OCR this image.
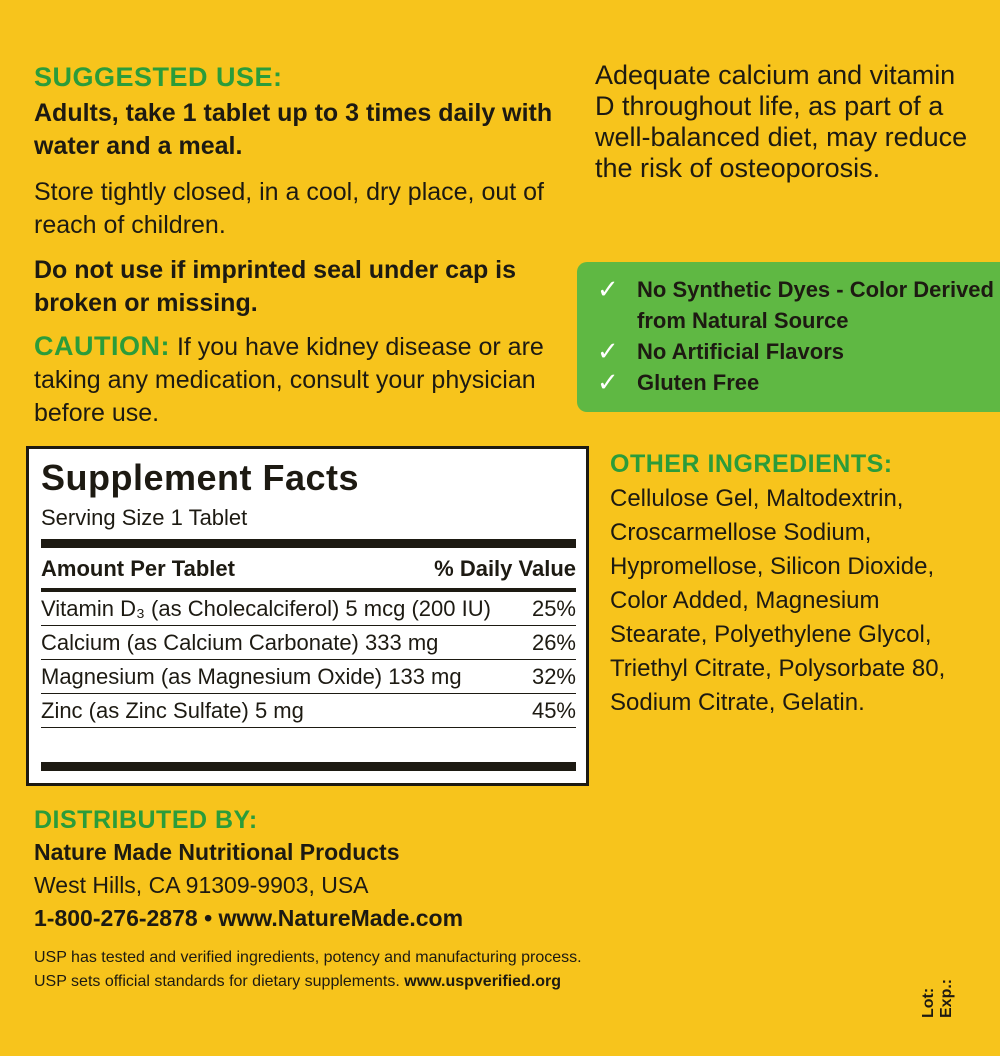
SUGGESTED USE:
Adults, take 1 tablet up to 3 times daily with water and a meal.
Store tightly closed, in a cool, dry place, out of reach of children.
Do not use if imprinted seal under cap is broken or missing.
CAUTION: If you have kidney disease or are taking any medication, consult your physician before use.
Adequate calcium and vitamin D throughout life, as part of a well-balanced diet, may reduce the risk of osteoporosis.
✓ No Synthetic Dyes - Color Derived from Natural Source
✓ No Artificial Flavors
✓ Gluten Free
OTHER INGREDIENTS:
Cellulose Gel, Maltodextrin, Croscarmellose Sodium, Hypromellose, Silicon Dioxide, Color Added, Magnesium Stearate, Polyethylene Glycol, Triethyl Citrate, Polysorbate 80, Sodium Citrate, Gelatin.
Supplement Facts
Serving Size 1 Tablet
Amount Per Tablet	% Daily Value
Vitamin D₃ (as Cholecalciferol) 5 mcg (200 IU) 25%
Calcium (as Calcium Carbonate) 333 mg	26%
Magnesium (as Magnesium Oxide) 133 mg	32%
Zinc (as Zinc Sulfate) 5 mg	45%
DISTRIBUTED BY:
Nature Made Nutritional Products
West Hills, CA 91309-9903, USA
1-800-276-2878 • www.NatureMade.com
USP has tested and verified ingredients, potency and manufacturing process.
USP sets official standards for dietary supplements. www.uspverified.org
Lot: Exp.:
